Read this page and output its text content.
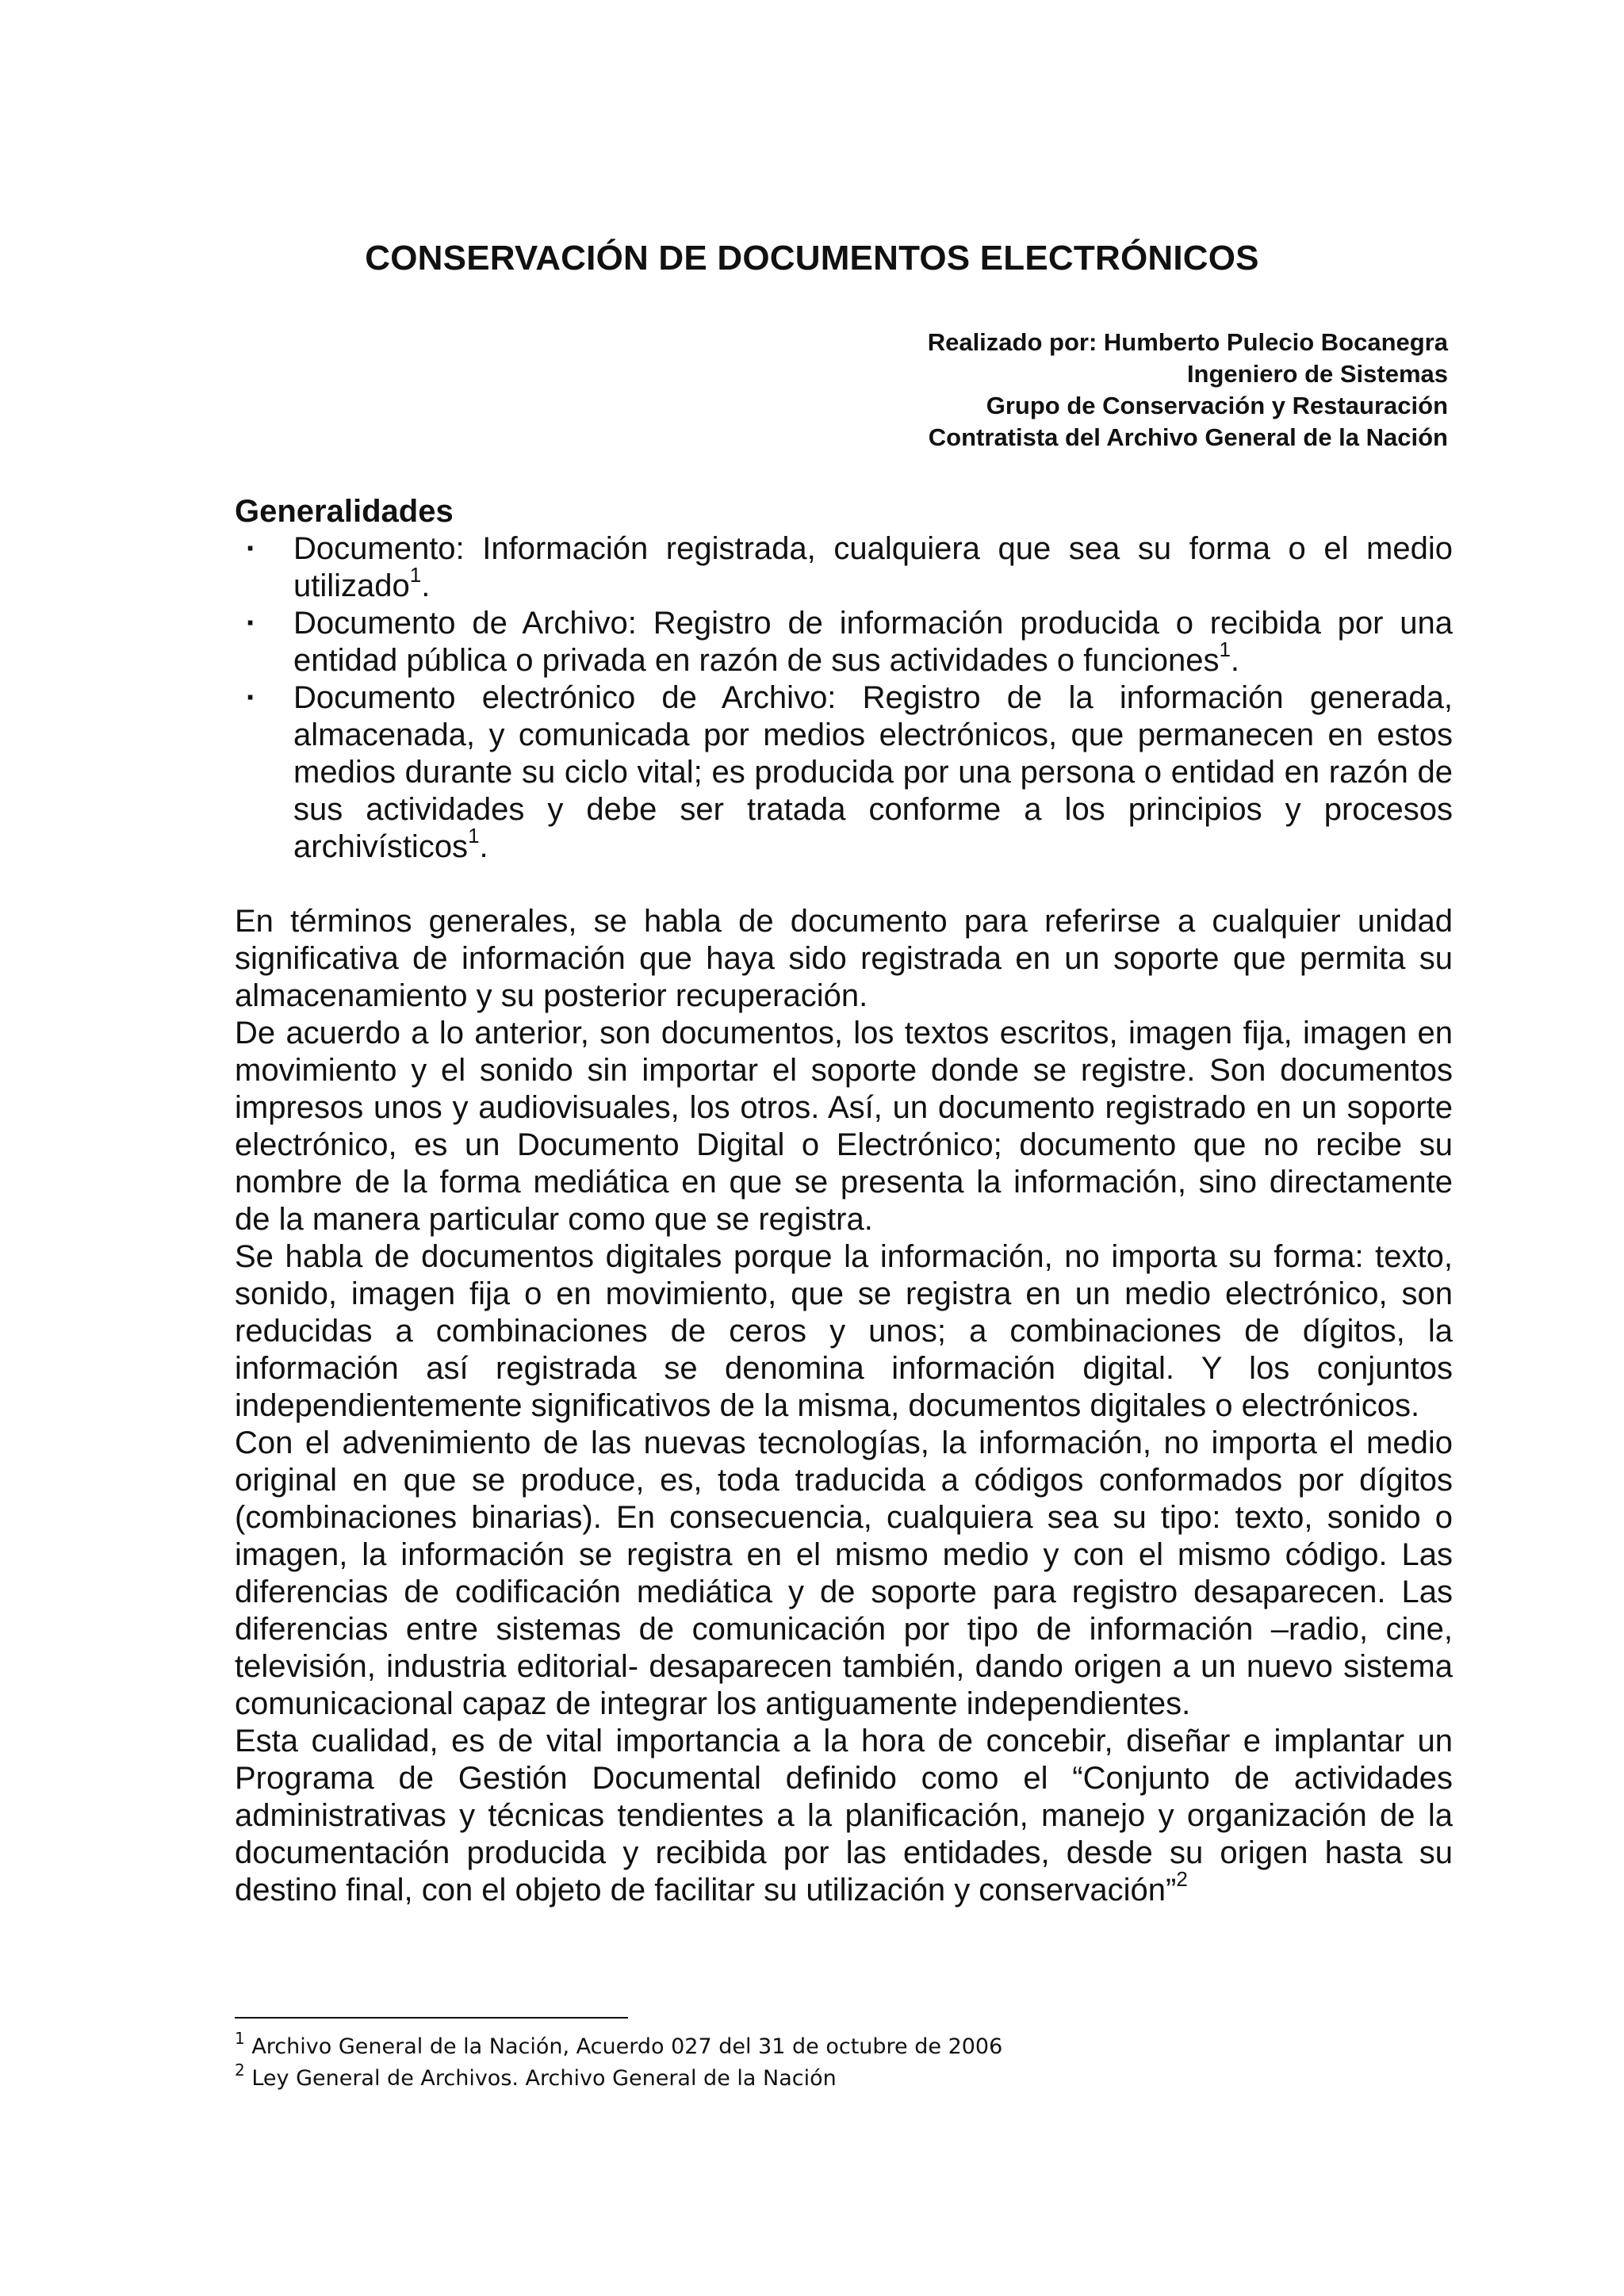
CONSERVACIÓN DE DOCUMENTOS ELECTRÓNICOS
Realizado por: Humberto Pulecio Bocanegra
Ingeniero de Sistemas
Grupo de Conservación y Restauración
Contratista del Archivo General de la Nación

Generalidades

· Documento: Información registrada, cualquiera que sea su forma o el medio utilizado$^1$.
· Documento de Archivo: Registro de información producida o recibida por una entidad pública o privada en razón de sus actividades o funciones$^1$.
· Documento electrónico de Archivo: Registro de la información generada, almacenada, y comunicada por medios electrónicos, que permanecen en estos medios durante su ciclo vital; es producida por una persona o entidad en razón de sus actividades y debe ser tratada conforme a los principios y procesos archivísticos$^1$.

En términos generales, se habla de documento para referirse a cualquier unidad significativa de información que haya sido registrada en un soporte que permita su almacenamiento y su posterior recuperación.

De acuerdo a lo anterior, son documentos, los textos escritos, imagen fija, imagen en movimiento y el sonido sin importar el soporte donde se registre. Son documentos impresos unos y audiovisuales, los otros. Así, un documento registrado en un soporte electrónico, es un Documento Digital o Electrónico; documento que no recibe su nombre de la forma mediática en que se presenta la información, sino directamente de la manera particular como que se registra.

Se habla de documentos digitales porque la información, no importa su forma: texto, sonido, imagen fija o en movimiento, que se registra en un medio electrónico, son reducidas a combinaciones de ceros y unos; a combinaciones de dígitos, la información así registrada se denomina información digital. Y los conjuntos independientemente significativos de la misma, documentos digitales o electrónicos.

Con el advenimiento de las nuevas tecnologías, la información, no importa el medio original en que se produce, es, toda traducida a códigos conformados por dígitos (combinaciones binarias). En consecuencia, cualquiera sea su tipo: texto, sonido o imagen, la información se registra en el mismo medio y con el mismo código. Las diferencias de codificación mediática y de soporte para registro desaparecen. Las diferencias entre sistemas de comunicación por tipo de información –radio, cine, televisión, industria editorial- desaparecen también, dando origen a un nuevo sistema comunicacional capaz de integrar los antiguamente independientes.

Esta cualidad, es de vital importancia a la hora de concebir, diseñar e implantar un Programa de Gestión Documental definido como el “Conjunto de actividades administrativas y técnicas tendientes a la planificación, manejo y organización de la documentación producida y recibida por las entidades, desde su origen hasta su destino final, con el objeto de facilitar su utilización y conservación”$^2$

$^1$ Archivo General de la Nación, Acuerdo 027 del 31 de octubre de 2006
$^2$ Ley General de Archivos. Archivo General de la Nación
